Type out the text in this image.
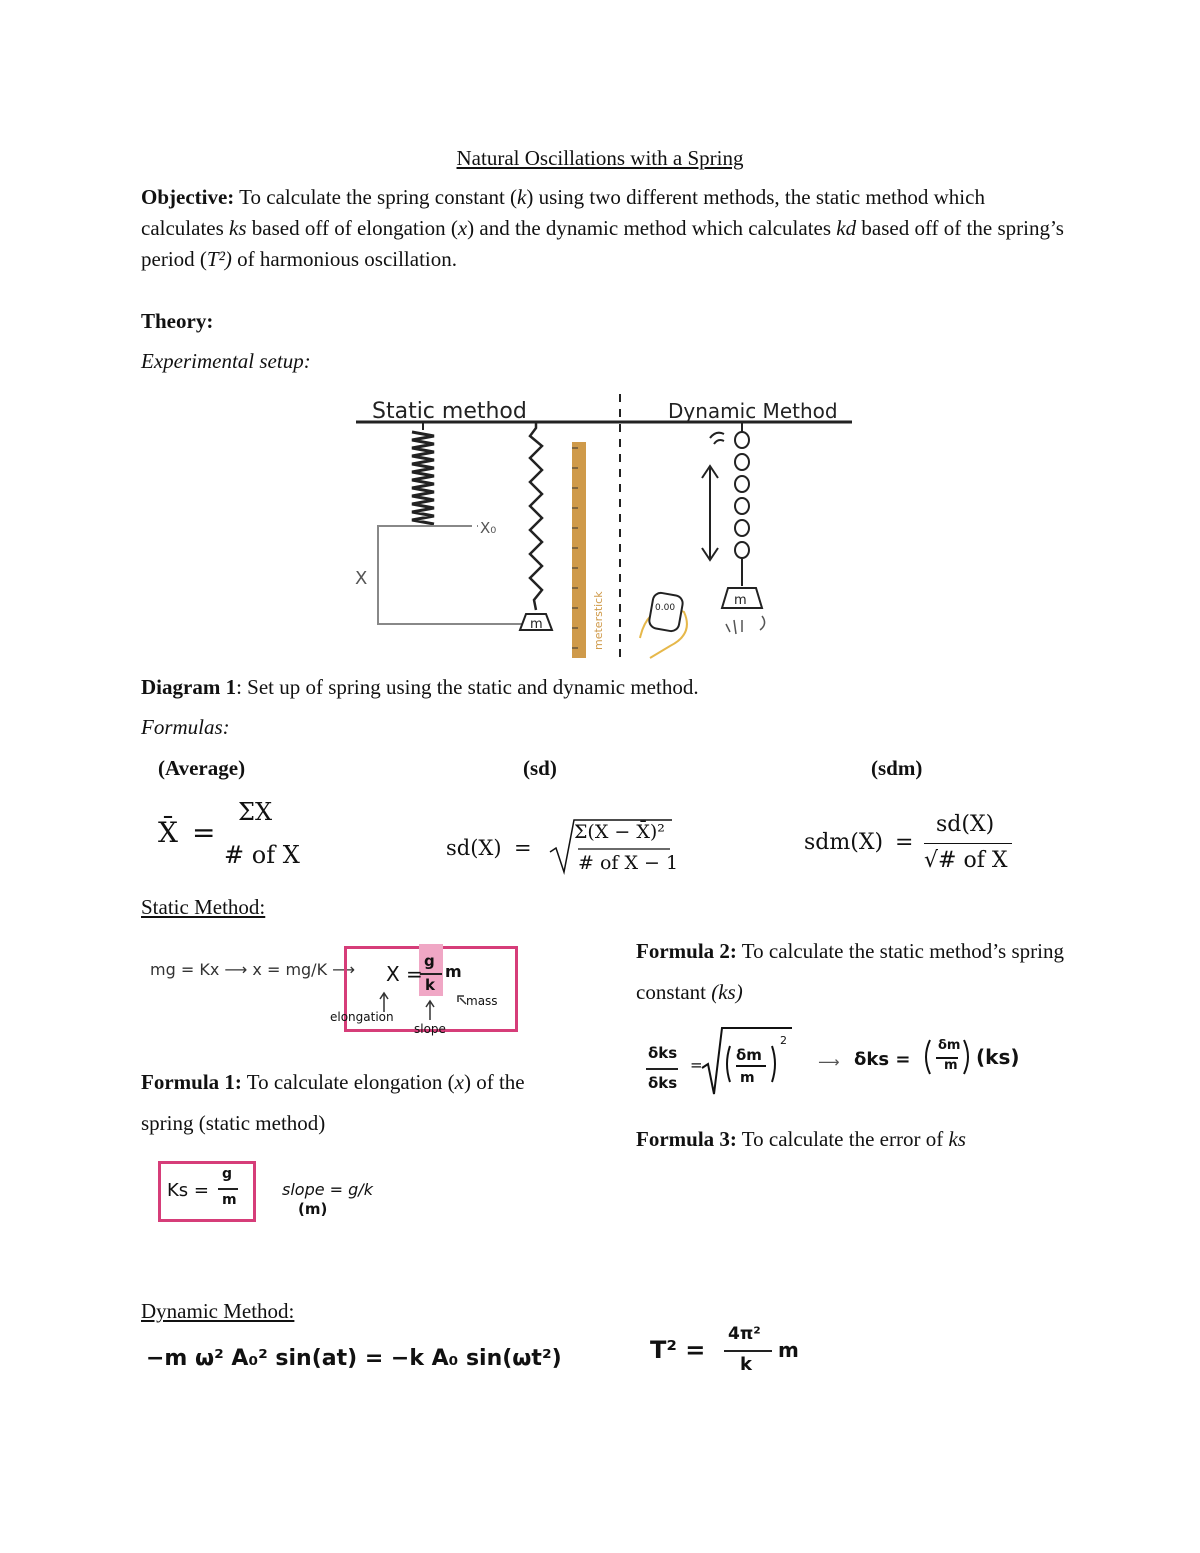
Natural Oscillations with a Spring
Objective: To calculate the spring constant (k) using two different methods, the static method which calculates ks based off of elongation (x) and the dynamic method which calculates kd based off of the spring’s period (T²) of harmonious oscillation.
Theory:
Experimental setup:
Static method	Dynamic Method
X₀
X
m	meterstick	0.00	m
Diagram 1: Set up of spring using the static and dynamic method.
Formulas:
(Average)	(sd)	(sdm)
X̄ =
ΣX
# of X	sd(X) =
Σ(X − X̄)²
# of X − 1
sdm(X) =
sd(X)
√# of X
Static Method:
mg = Kx ⟶ x = mg/K ⟶ X =
g
k
m
elongation
slope
mass
Formula 1: To calculate elongation (x) of the spring (static method)
Ks =
g
m
slope = g/k
(m)
Formula 2: To calculate the static method’s spring constant (ks)
δks
δks
=
δm
m
2
⟶ δks =
δm
m (ks)
Formula 3: To calculate the error of ks
Dynamic Method:
−m ω² A₀² sin(at) = −k A₀ sin(ωt²)	T² =
4π²
k
m
